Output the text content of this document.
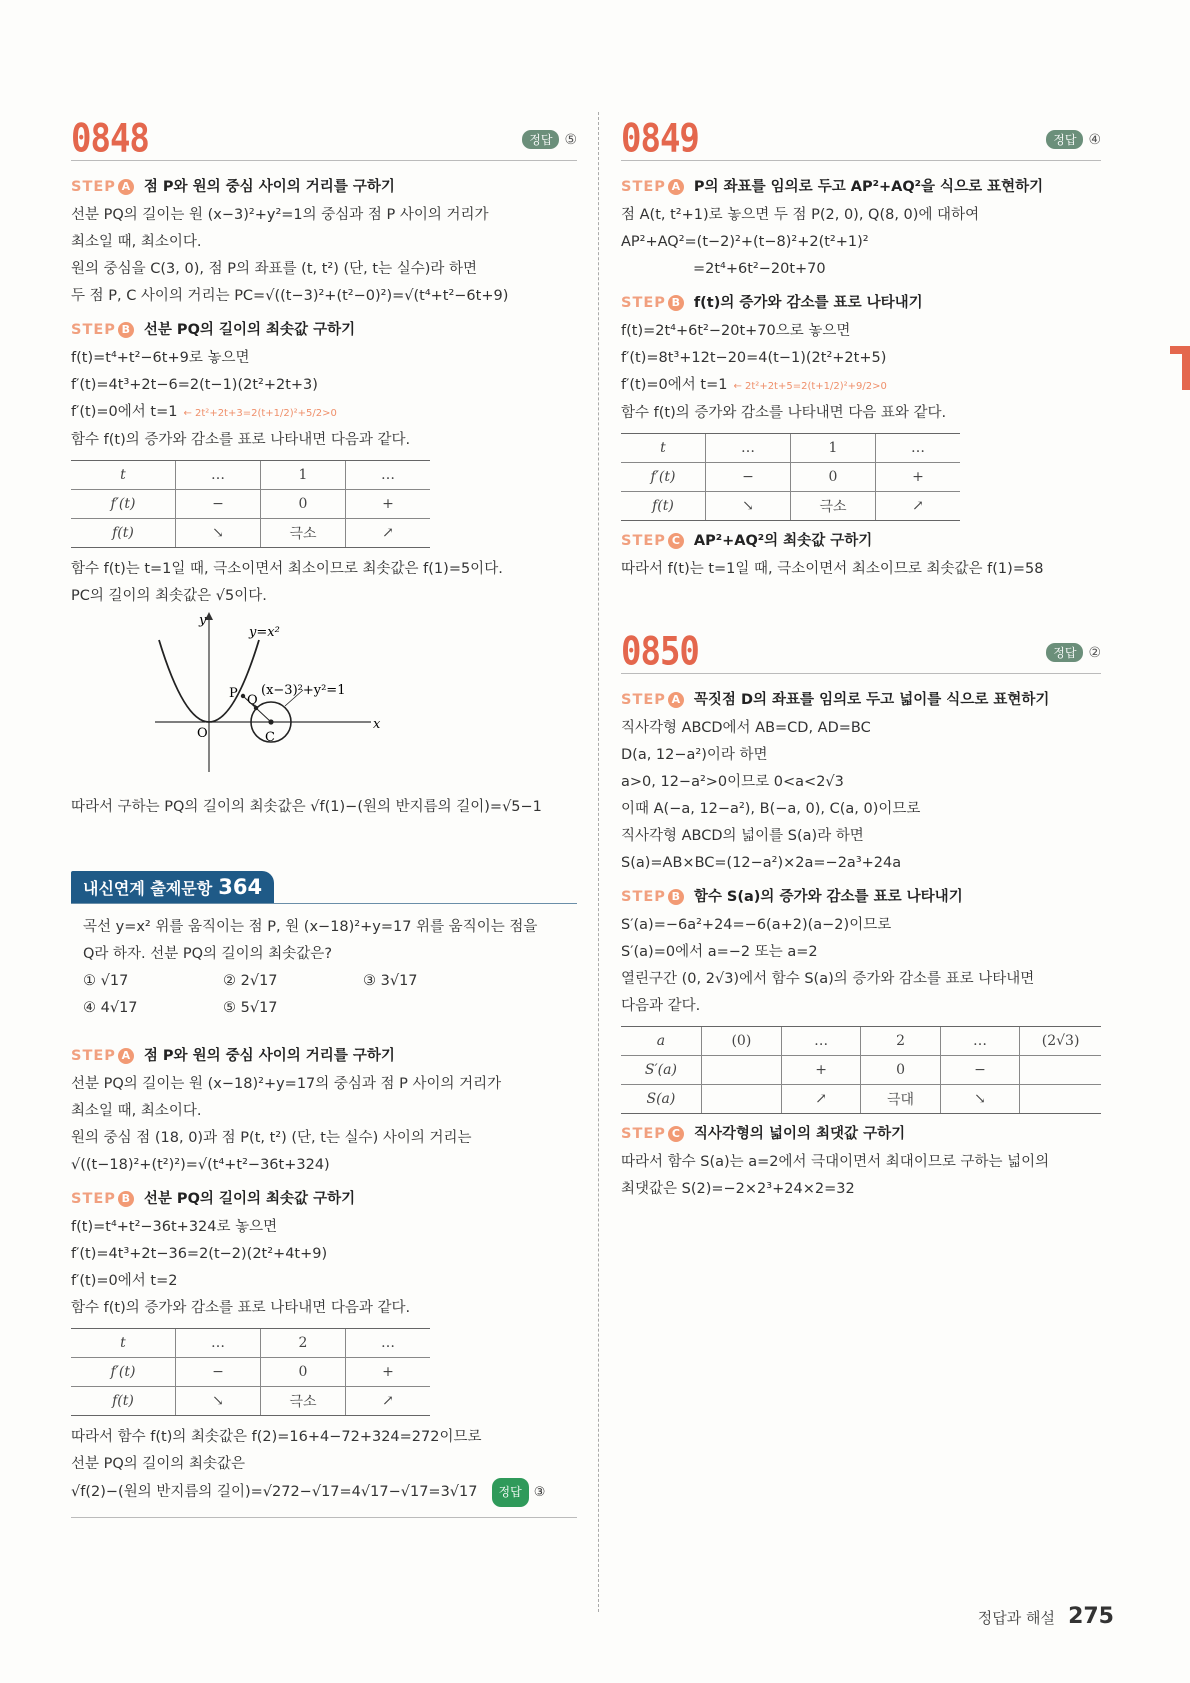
0848	정답 ⑤
STEP A 점 P와 원의 중심 사이의 거리를 구하기
선분 PQ의 길이는 원 (x−3)²+y²=1의 중심과 점 P 사이의 거리가
최소일 때, 최소이다.
원의 중심을 C(3, 0), 점 P의 좌표를 (t, t²) (단, t는 실수)라 하면
두 점 P, C 사이의 거리는 PC=√((t−3)²+(t²−0)²)=√(t⁴+t²−6t+9)
STEP B 선분 PQ의 길이의 최솟값 구하기
f(t)=t⁴+t²−6t+9로 놓으면
f′(t)=4t³+2t−6=2(t−1)(2t²+2t+3)
f′(t)=0에서 t=1 ← 2t²+2t+3=2(t+1/2)²+5/2>0
함수 f(t)의 증가와 감소를 표로 나타내면 다음과 같다.
t	…	1	…
f′(t)	−	0	+
f(t)	↘	극소	↗
함수 f(t)는 t=1일 때, 극소이면서 최소이므로 최솟값은 f(1)=5이다.
PC의 길이의 최솟값은 √5이다.
y
x
O
y=x²
(x−3)²+y²=1
P Q
C
따라서 구하는 PQ의 길이의 최솟값은 √f(1)−(원의 반지름의 길이)=√5−1
내신연계 출제문항 364
곡선 y=x² 위를 움직이는 점 P, 원 (x−18)²+y=17 위를 움직이는 점을
Q라 하자. 선분 PQ의 길이의 최솟값은?
① √17	② 2√17	③ 3√17
④ 4√17	⑤ 5√17
STEP A 점 P와 원의 중심 사이의 거리를 구하기
선분 PQ의 길이는 원 (x−18)²+y=17의 중심과 점 P 사이의 거리가
최소일 때, 최소이다.
원의 중심 점 (18, 0)과 점 P(t, t²) (단, t는 실수) 사이의 거리는
√((t−18)²+(t²)²)=√(t⁴+t²−36t+324)
STEP B 선분 PQ의 길이의 최솟값 구하기
f(t)=t⁴+t²−36t+324로 놓으면
f′(t)=4t³+2t−36=2(t−2)(2t²+4t+9)
f′(t)=0에서 t=2
함수 f(t)의 증가와 감소를 표로 나타내면 다음과 같다.
t	…	2	…
f′(t)	−	0	+
f(t)	↘	극소	↗
따라서 함수 f(t)의 최솟값은 f(2)=16+4−72+324=272이므로
선분 PQ의 길이의 최솟값은
√f(2)−(원의 반지름의 길이)=√272−√17=4√17−√17=3√17 정답 ③
0849	정답 ④
STEP A P의 좌표를 임의로 두고 AP²+AQ²을 식으로 표현하기
점 A(t, t²+1)로 놓으면 두 점 P(2, 0), Q(8, 0)에 대하여
AP²+AQ²=(t−2)²+(t−8)²+2(t²+1)²
=2t⁴+6t²−20t+70
STEP B f(t)의 증가와 감소를 표로 나타내기
f(t)=2t⁴+6t²−20t+70으로 놓으면
f′(t)=8t³+12t−20=4(t−1)(2t²+2t+5)
f′(t)=0에서 t=1 ← 2t²+2t+5=2(t+1/2)²+9/2>0
함수 f(t)의 증가와 감소를 나타내면 다음 표와 같다.
t	…	1	…
f′(t)	−	0	+
f(t)	↘	극소	↗
STEP C AP²+AQ²의 최솟값 구하기
따라서 f(t)는 t=1일 때, 극소이면서 최소이므로 최솟값은 f(1)=58
0850	정답 ②
STEP A 꼭짓점 D의 좌표를 임의로 두고 넓이를 식으로 표현하기
직사각형 ABCD에서 AB=CD, AD=BC
D(a, 12−a²)이라 하면
a>0, 12−a²>0이므로 0<a<2√3
이때 A(−a, 12−a²), B(−a, 0), C(a, 0)이므로
직사각형 ABCD의 넓이를 S(a)라 하면
S(a)=AB×BC=(12−a²)×2a=−2a³+24a
STEP B 함수 S(a)의 증가와 감소를 표로 나타내기
S′(a)=−6a²+24=−6(a+2)(a−2)이므로
S′(a)=0에서 a=−2 또는 a=2
열린구간 (0, 2√3)에서 함수 S(a)의 증가와 감소를 표로 나타내면
다음과 같다.
a	(0)	…	2	…	(2√3)
S′(a)		+	0	−	
S(a)		↗	극대	↘	
STEP C 직사각형의 넓이의 최댓값 구하기
따라서 함수 S(a)는 a=2에서 극대이면서 최대이므로 구하는 넓이의
최댓값은 S(2)=−2×2³+24×2=32
정답과 해설 275
